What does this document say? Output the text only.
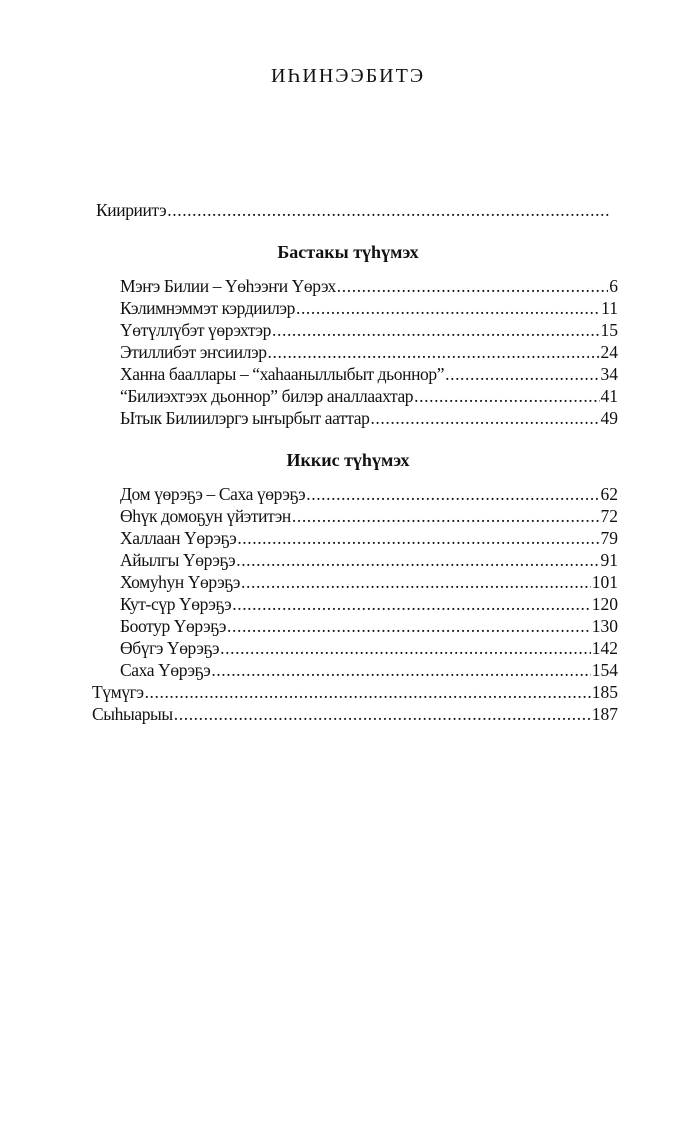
ИҺИНЭЭБИТЭ
Киириитэ
.....
Бастакы түһүмэх
Мэҥэ Билии – Үөһээҥи Үөрэх .....	6
Кэлимнэммэт кэрдиилэр .....	11
Үөтүллүбэт үөрэхтэр .....	15
Этиллибэт эҥсиилэр .....	24
Ханна бааллары – “хаһааныллыбыт дьоннор” .....	34
“Билиэхтээх дьоннор” билэр аналлаахтар .....	41
Ытык Билиилэргэ ыҥырбыт ааттар .....	49
Иккис түһүмэх
Дом үөрэҕэ – Саха үөрэҕэ .....	62
Өһүк домоҕун үйэтитэн .....	72
Халлаан Үөрэҕэ .....	79
Айылгы Үөрэҕэ .....	91
Хомуһун Үөрэҕэ .....	101
Кут-сүр Үөрэҕэ .....	120
Боотур Үөрэҕэ .....	130
Өбүгэ Үөрэҕэ .....	142
Саха Үөрэҕэ .....	154
Түмүгэ .....	185
Сыһыарыы .....	187
